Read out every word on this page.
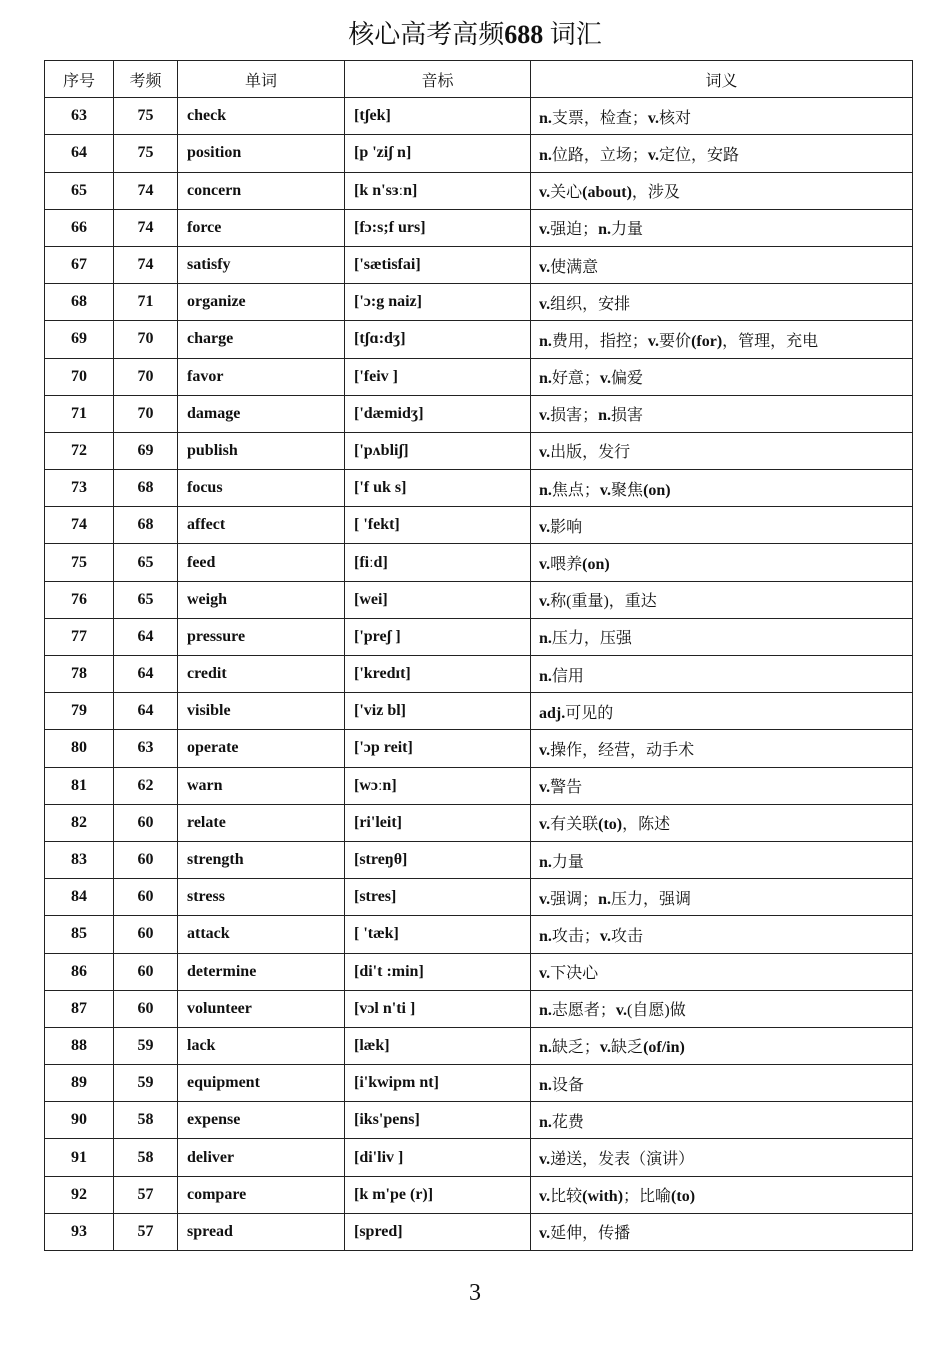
核心高考高频688 词汇
序号	考频	单词	音标	词义
63	75	check	[tʃek]	n.支票，检查；v.核对
64	75	position	[p 'ziʃ n]	n.位路，立场；v.定位，安路
65	74	concern	[k n'sɜːn]	v.关心(about)，涉及
66	74	force	[fɔ:s;f urs]	v.强迫；n.力量
67	74	satisfy	['sætisfai]	v.使满意
68	71	organize	['ɔ:g naiz]	v.组织，安排
69	70	charge	[tʃɑ:dʒ]	n.费用，指控；v.要价(for)，管理，充电
70	70	favor	['feiv ]	n.好意；v.偏爱
71	70	damage	['dæmidʒ]	v.损害；n.损害
72	69	publish	['pʌbliʃ]	v.出版，发行
73	68	focus	['f uk s]	n.焦点；v.聚焦(on)
74	68	affect	[ 'fekt]	v.影响
75	65	feed	[fiːd]	v.喂养(on)
76	65	weigh	[wei]	v.称(重量)，重达
77	64	pressure	['preʃ ]	n.压力，压强
78	64	credit	['kredɪt]	n.信用
79	64	visible	['viz bl]	adj.可见的
80	63	operate	['ɔp reit]	v.操作，经营，动手术
81	62	warn	[wɔːn]	v.警告
82	60	relate	[ri'leit]	v.有关联(to)，陈述
83	60	strength	[streŋθ]	n.力量
84	60	stress	[stres]	v.强调；n.压力，强调
85	60	attack	[ 'tæk]	n.攻击；v.攻击
86	60	determine	[di't :min]	v.下决心
87	60	volunteer	[vɔl n'ti ]	n.志愿者；v.(自愿)做
88	59	lack	[læk]	n.缺乏；v.缺乏(of/in)
89	59	equipment	[i'kwipm nt]	n.设备
90	58	expense	[iks'pens]	n.花费
91	58	deliver	[di'liv ]	v.递送，发表（演讲）
92	57	compare	[k m'pe (r)]	v.比较(with)；比喻(to)
93	57	spread	[spred]	v.延伸，传播
3
